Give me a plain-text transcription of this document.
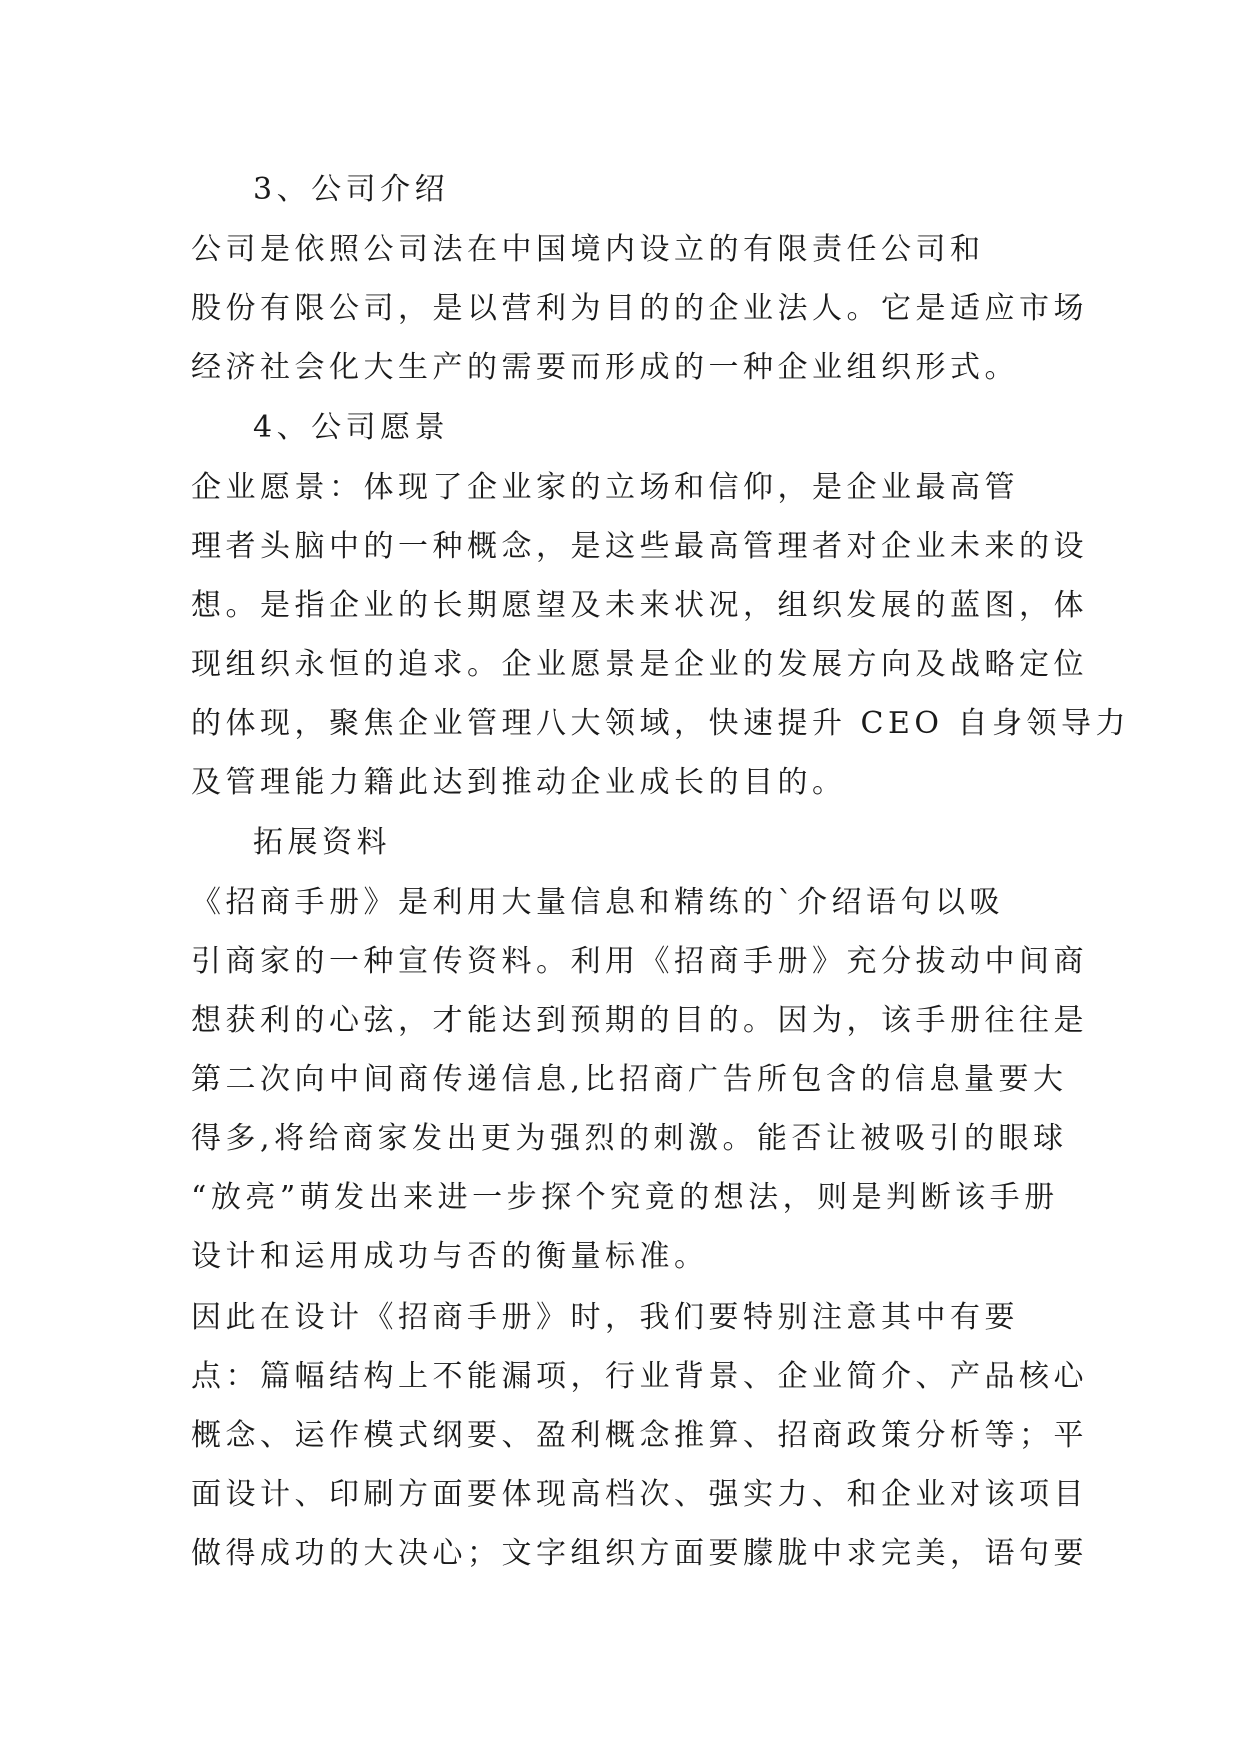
3、公司介绍
公司是依照公司法在中国境内设立的有限责任公司和
股份有限公司，是以营利为目的的企业法人。它是适应市场
经济社会化大生产的需要而形成的一种企业组织形式。
4、公司愿景
企业愿景：体现了企业家的立场和信仰，是企业最高管
理者头脑中的一种概念，是这些最高管理者对企业未来的设
想。是指企业的长期愿望及未来状况，组织发展的蓝图，体
现组织永恒的追求。企业愿景是企业的发展方向及战略定位
的体现，聚焦企业管理八大领域，快速提升 CEO 自身领导力
及管理能力籍此达到推动企业成长的目的。
拓展资料
《招商手册》是利用大量信息和精练的`介绍语句以吸
引商家的一种宣传资料。利用《招商手册》充分拔动中间商
想获利的心弦，才能达到预期的目的。因为，该手册往往是
第二次向中间商传递信息,比招商广告所包含的信息量要大
得多,将给商家发出更为强烈的刺激。能否让被吸引的眼球
“放亮”萌发出来进一步探个究竟的想法，则是判断该手册
设计和运用成功与否的衡量标准。
因此在设计《招商手册》时，我们要特别注意其中有要
点：篇幅结构上不能漏项，行业背景、企业简介、产品核心
概念、运作模式纲要、盈利概念推算、招商政策分析等；平
面设计、印刷方面要体现高档次、强实力、和企业对该项目
做得成功的大决心；文字组织方面要朦胧中求完美，语句要
